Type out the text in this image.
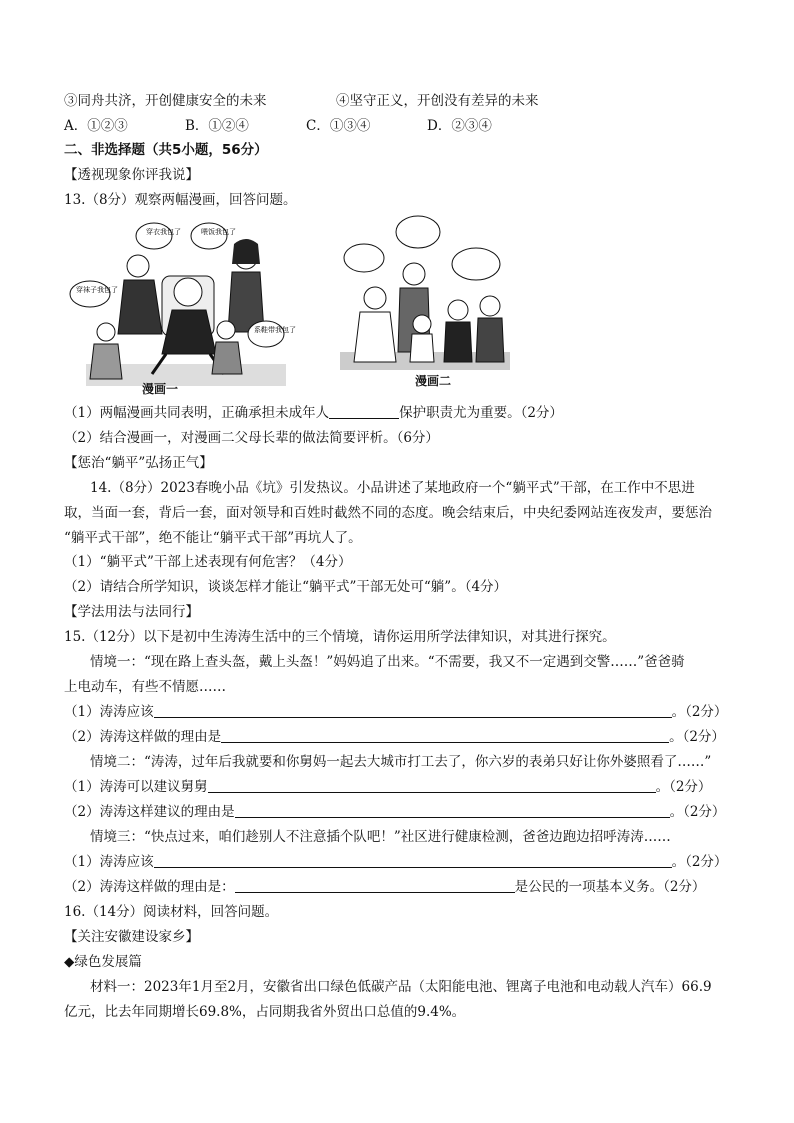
③同舟共济，开创健康安全的未来	④坚守正义，开创没有差异的未来
A．①②③	B．①②④	C．①③④	D．②③④
二、非选择题（共5小题，56分）
【透视现象你评我说】
13.（8分）观察两幅漫画，回答问题。
穿衣我包了	喂饭我包了
穿袜子我包了
系鞋带我包了
漫画一
漫画二
（1）两幅漫画共同表明，正确承担未成年人	保护职责尤为重要。（2分）
（2）结合漫画一，对漫画二父母长辈的做法简要评析。（6分）
【惩治“躺平”弘扬正气】
14.（8分）2023春晚小品《坑》引发热议。小品讲述了某地政府一个“躺平式”干部，在工作中不思进
取，当面一套，背后一套，面对领导和百姓时截然不同的态度。晚会结束后，中央纪委网站连夜发声，要惩治
“躺平式干部”，绝不能让“躺平式干部”再坑人了。
（1）“躺平式”干部上述表现有何危害？（4分）
（2）请结合所学知识，谈谈怎样才能让“躺平式”干部无处可“躺”。（4分）
【学法用法与法同行】
15.（12分）以下是初中生涛涛生活中的三个情境，请你运用所学法律知识，对其进行探究。
情境一：“现在路上查头盔，戴上头盔！”妈妈追了出来。“不需要，我又不一定遇到交警……”爸爸骑
上电动车，有些不情愿……
（1）涛涛应该	。（2分）
（2）涛涛这样做的理由是	。（2分）
情境二：“涛涛，过年后我就要和你舅妈一起去大城市打工去了，你六岁的表弟只好让你外婆照看了……”
（1）涛涛可以建议舅舅	。（2分）
（2）涛涛这样建议的理由是	。（2分）
情境三：“快点过来，咱们趁别人不注意插个队吧！”社区进行健康检测，爸爸边跑边招呼涛涛……
（1）涛涛应该	。（2分）
（2）涛涛这样做的理由是：	是公民的一项基本义务。（2分）
16.（14分）阅读材料，回答问题。
【关注安徽建设家乡】
◆绿色发展篇
材料一：2023年1月至2月，安徽省出口绿色低碳产品（太阳能电池、锂离子电池和电动载人汽车）66.9
亿元，比去年同期增长69.8%，占同期我省外贸出口总值的9.4%。
